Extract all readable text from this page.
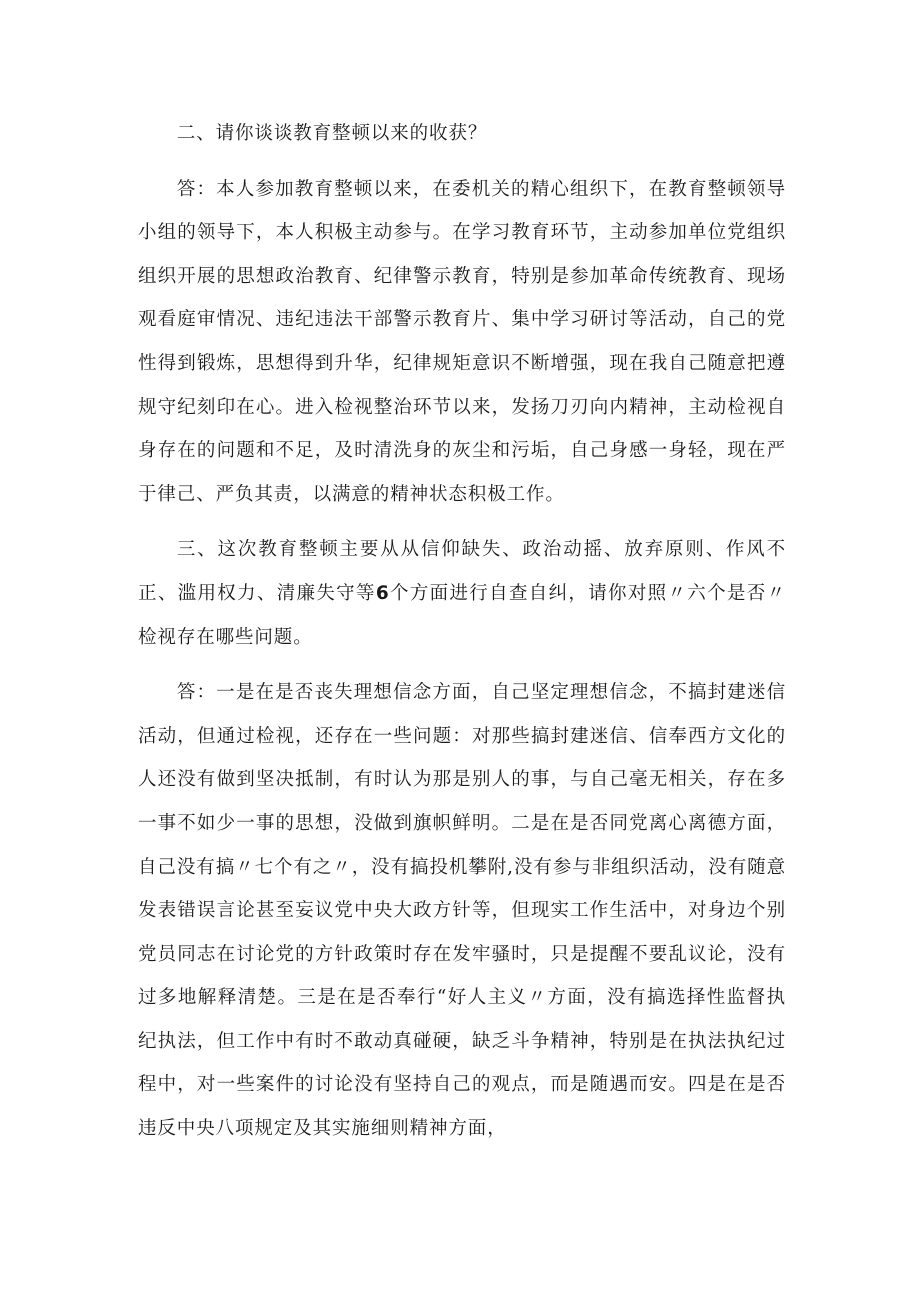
二、请你谈谈教育整顿以来的收获？

答：本人参加教育整顿以来，在委机关的精心组织下，在教育整顿领导小组的领导下，本人积极主动参与。在学习教育环节，主动参加单位党组织组织开展的思想政治教育、纪律警示教育，特别是参加革命传统教育、现场观看庭审情况、违纪违法干部警示教育片、集中学习研讨等活动，自己的党性得到锻炼，思想得到升华，纪律规矩意识不断增强，现在我自己随意把遵规守纪刻印在心。进入检视整治环节以来，发扬刀刃向内精神，主动检视自身存在的问题和不足，及时清洗身的灰尘和污垢，自己身感一身轻，现在严于律己、严负其责，以满意的精神状态积极工作。

三、这次教育整顿主要从从信仰缺失、政治动摇、放弃原则、作风不正、滥用权力、清廉失守等6个方面进行自查自纠，请你对照〃六个是否〃检视存在哪些问题。

答：一是在是否丧失理想信念方面，自己坚定理想信念，不搞封建迷信活动，但通过检视，还存在一些问题：对那些搞封建迷信、信奉西方文化的人还没有做到坚决抵制，有时认为那是别人的事，与自己毫无相关，存在多一事不如少一事的思想，没做到旗帜鲜明。二是在是否同党离心离德方面，自己没有搞〃七个有之〃，没有搞投机攀附,没有参与非组织活动，没有随意发表错误言论甚至妄议党中央大政方针等，但现实工作生活中，对身边个别党员同志在讨论党的方针政策时存在发牢骚时，只是提醒不要乱议论，没有过多地解释清楚。三是在是否奉行“好人主义〃方面，没有搞选择性监督执纪执法，但工作中有时不敢动真碰硬，缺乏斗争精神，特别是在执法执纪过程中，对一些案件的讨论没有坚持自己的观点，而是随遇而安。四是在是否违反中央八项规定及其实施细则精神方面，
